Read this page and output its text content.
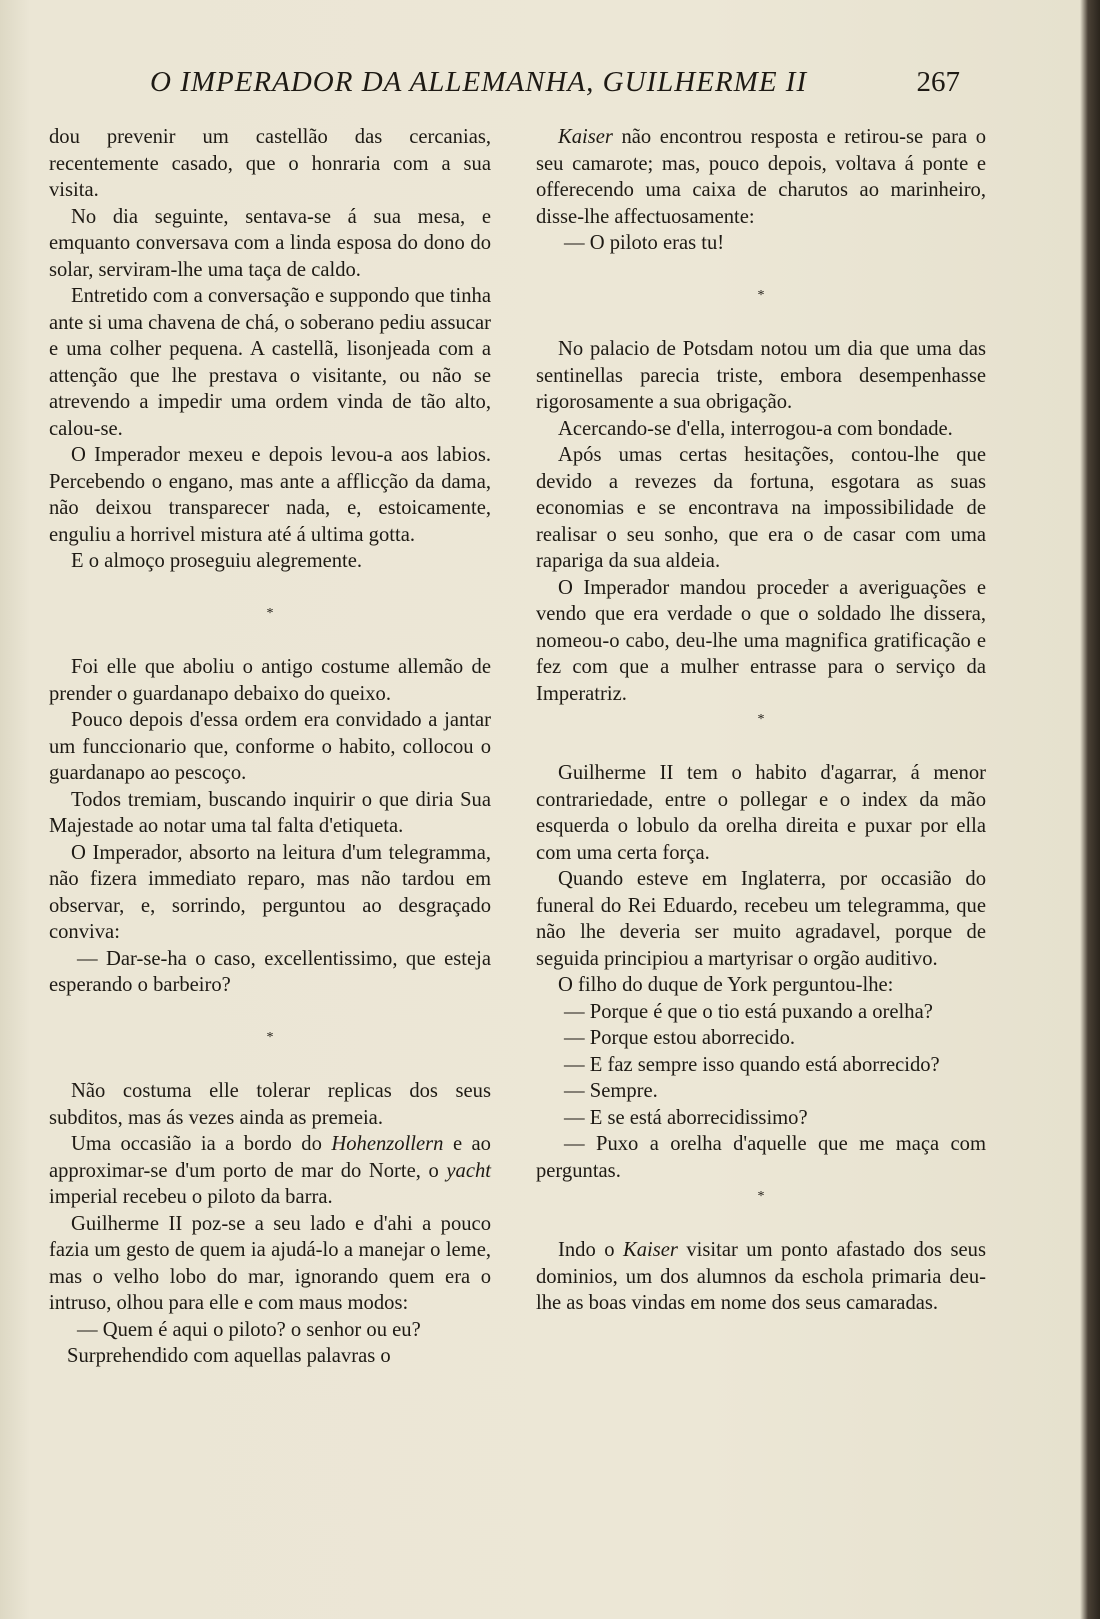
O IMPERADOR DA ALLEMANHA, GUILHERME II	267

dou prevenir um castellão das cercanias, recentemente casado, que o honraria com a sua visita.

No dia seguinte, sentava-se á sua mesa, e emquanto conversava com a linda esposa do dono do solar, serviram-lhe uma taça de caldo.

Entretido com a conversação e suppondo que tinha ante si uma chavena de chá, o soberano pediu assucar e uma colher pequena. A castellã, lisonjeada com a attenção que lhe prestava o visitante, ou não se atrevendo a impedir uma ordem vinda de tão alto, calou-se.

O Imperador mexeu e depois levou-a aos labios. Percebendo o engano, mas ante a afflicção da dama, não deixou transparecer nada, e, estoicamente, enguliu a horrivel mistura até á ultima gotta.

E o almoço proseguiu alegremente.

*

Foi elle que aboliu o antigo costume allemão de prender o guardanapo debaixo do queixo.

Pouco depois d'essa ordem era convidado a jantar um funccionario que, conforme o habito, collocou o guardanapo ao pescoço.

Todos tremiam, buscando inquirir o que diria Sua Majestade ao notar uma tal falta d'etiqueta.

O Imperador, absorto na leitura d'um telegramma, não fizera immediato reparo, mas não tardou em observar, e, sorrindo, perguntou ao desgraçado conviva:

— Dar-se-ha o caso, excellentissimo, que esteja esperando o barbeiro?

*

Não costuma elle tolerar replicas dos seus subditos, mas ás vezes ainda as premeia.

Uma occasião ia a bordo do Hohenzollern e ao approximar-se d'um porto de mar do Norte, o yacht imperial recebeu o piloto da barra.

Guilherme II poz-se a seu lado e d'ahi a pouco fazia um gesto de quem ia ajudá-lo a manejar o leme, mas o velho lobo do mar, ignorando quem era o intruso, olhou para elle e com maus modos:

— Quem é aqui o piloto? o senhor ou eu?

Surprehendido com aquellas palavras o

Kaiser não encontrou resposta e retirou-se para o seu camarote; mas, pouco depois, voltava á ponte e offerecendo uma caixa de charutos ao marinheiro, disse-lhe affectuosamente:

— O piloto eras tu!

*

No palacio de Potsdam notou um dia que uma das sentinellas parecia triste, embora desempenhasse rigorosamente a sua obrigação.

Acercando-se d'ella, interrogou-a com bondade.

Após umas certas hesitações, contou-lhe que devido a revezes da fortuna, esgotara as suas economias e se encontrava na impossibilidade de realisar o seu sonho, que era o de casar com uma rapariga da sua aldeia.

O Imperador mandou proceder a averiguações e vendo que era verdade o que o soldado lhe dissera, nomeou-o cabo, deu-lhe uma magnifica gratificação e fez com que a mulher entrasse para o serviço da Imperatriz.

*

Guilherme II tem o habito d'agarrar, á menor contrariedade, entre o pollegar e o index da mão esquerda o lobulo da orelha direita e puxar por ella com uma certa força.

Quando esteve em Inglaterra, por occasião do funeral do Rei Eduardo, recebeu um telegramma, que não lhe deveria ser muito agradavel, porque de seguida principiou a martyrisar o orgão auditivo.

O filho do duque de York perguntou-lhe:

— Porque é que o tio está puxando a orelha?

— Porque estou aborrecido.

— E faz sempre isso quando está aborrecido?

— Sempre.

— E se está aborrecidissimo?

— Puxo a orelha d'aquelle que me maça com perguntas.

*

Indo o Kaiser visitar um ponto afastado dos seus dominios, um dos alumnos da eschola primaria deu-lhe as boas vindas em nome dos seus camaradas.
